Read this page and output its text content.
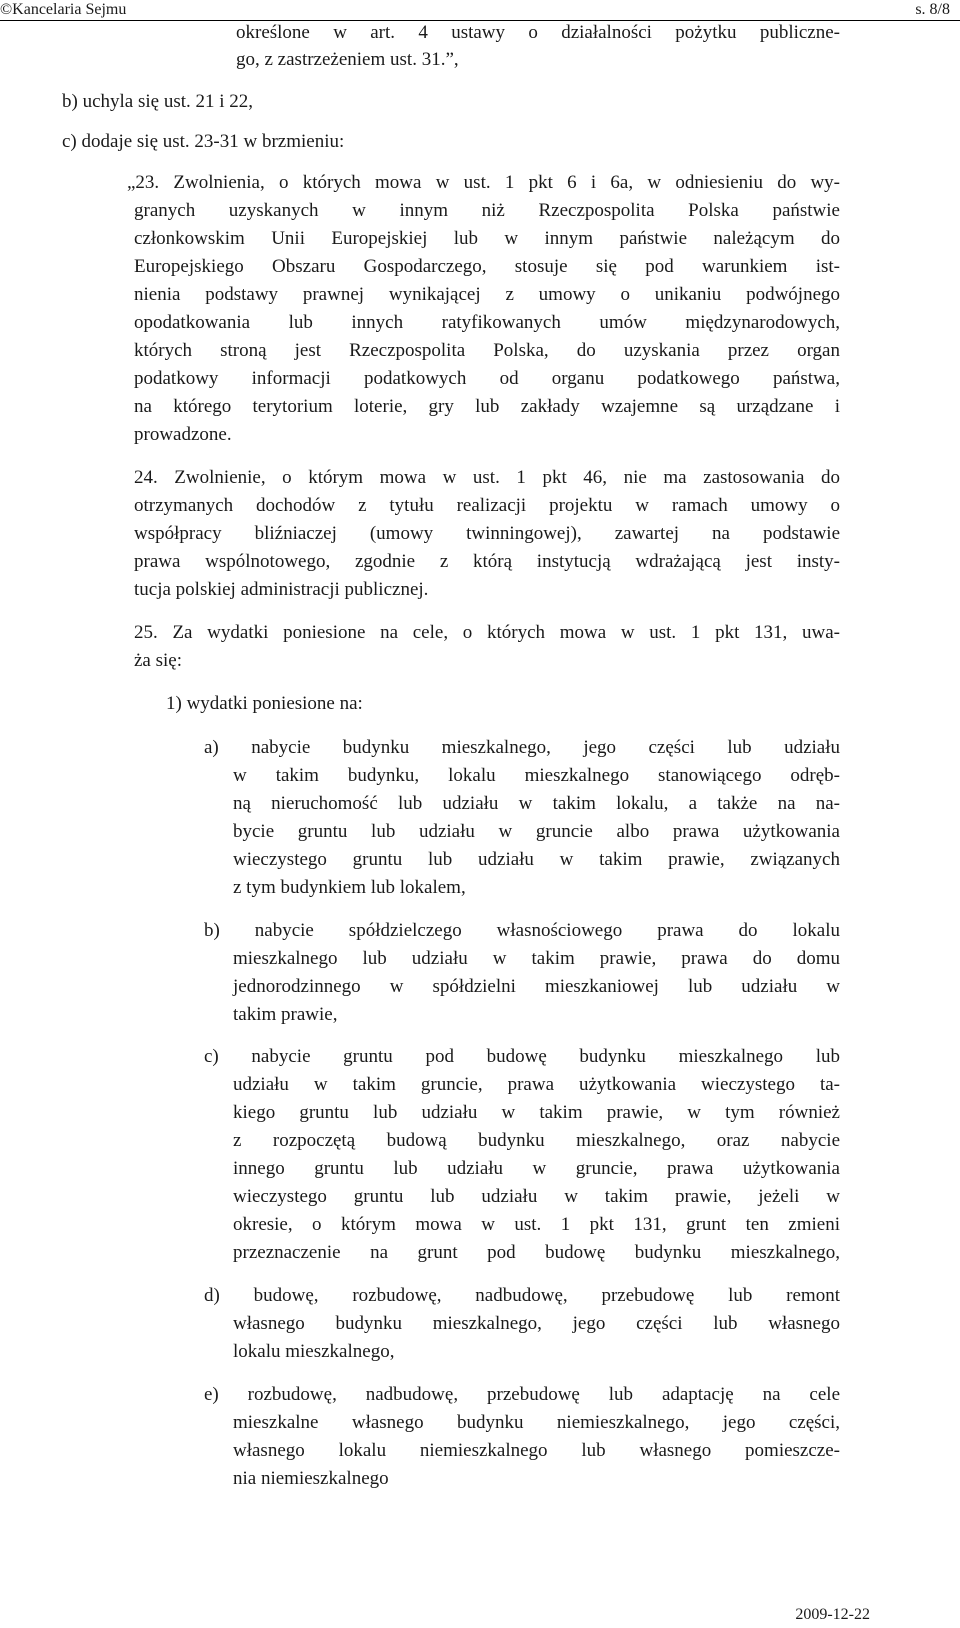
©Kancelaria Sejmu	s. 8/8

określone w art. 4 ustawy o działalności pożytku publiczne-

go, z zastrzeżeniem ust. 31.”,

b) uchyla się ust. 21 i 22,

c) dodaje się ust. 23-31 w brzmieniu:

„23. Zwolnienia, o których mowa w ust. 1 pkt 6 i 6a, w odniesieniu do wy-

granych uzyskanych w innym niż Rzeczpospolita Polska państwie

członkowskim Unii Europejskiej lub w innym państwie należącym do

Europejskiego Obszaru Gospodarczego, stosuje się pod warunkiem ist-

nienia podstawy prawnej wynikającej z umowy o unikaniu podwójnego

opodatkowania lub innych ratyfikowanych umów międzynarodowych,

których stroną jest Rzeczpospolita Polska, do uzyskania przez organ

podatkowy informacji podatkowych od organu podatkowego państwa,

na którego terytorium loterie, gry lub zakłady wzajemne są urządzane i

prowadzone.

24. Zwolnienie, o którym mowa w ust. 1 pkt 46, nie ma zastosowania do

otrzymanych dochodów z tytułu realizacji projektu w ramach umowy o

współpracy bliźniaczej (umowy twinningowej), zawartej na podstawie

prawa wspólnotowego, zgodnie z którą instytucją wdrażającą jest insty-

tucja polskiej administracji publicznej.

25. Za wydatki poniesione na cele, o których mowa w ust. 1 pkt 131, uwa-

ża się:

1) wydatki poniesione na:

a) nabycie budynku mieszkalnego, jego części lub udziału

w takim budynku, lokalu mieszkalnego stanowiącego odręb-

ną nieruchomość lub udziału w takim lokalu, a także na na-

bycie gruntu lub udziału w gruncie albo prawa użytkowania

wieczystego gruntu lub udziału w takim prawie, związanych

z tym budynkiem lub lokalem,

b) nabycie spółdzielczego własnościowego prawa do lokalu

mieszkalnego lub udziału w takim prawie, prawa do domu

jednorodzinnego w spółdzielni mieszkaniowej lub udziału w

takim prawie,

c) nabycie gruntu pod budowę budynku mieszkalnego lub

udziału w takim gruncie, prawa użytkowania wieczystego ta-

kiego gruntu lub udziału w takim prawie, w tym również

z rozpoczętą budową budynku mieszkalnego, oraz nabycie

innego gruntu lub udziału w gruncie, prawa użytkowania

wieczystego gruntu lub udziału w takim prawie, jeżeli w

okresie, o którym mowa w ust. 1 pkt 131, grunt ten zmieni

przeznaczenie na grunt pod budowę budynku mieszkalnego,

d) budowę, rozbudowę, nadbudowę, przebudowę lub remont

własnego budynku mieszkalnego, jego części lub własnego

lokalu mieszkalnego,

e) rozbudowę, nadbudowę, przebudowę lub adaptację na cele

mieszkalne własnego budynku niemieszkalnego, jego części,

własnego lokalu niemieszkalnego lub własnego pomieszcze-

nia niemieszkalnego

2009-12-22
